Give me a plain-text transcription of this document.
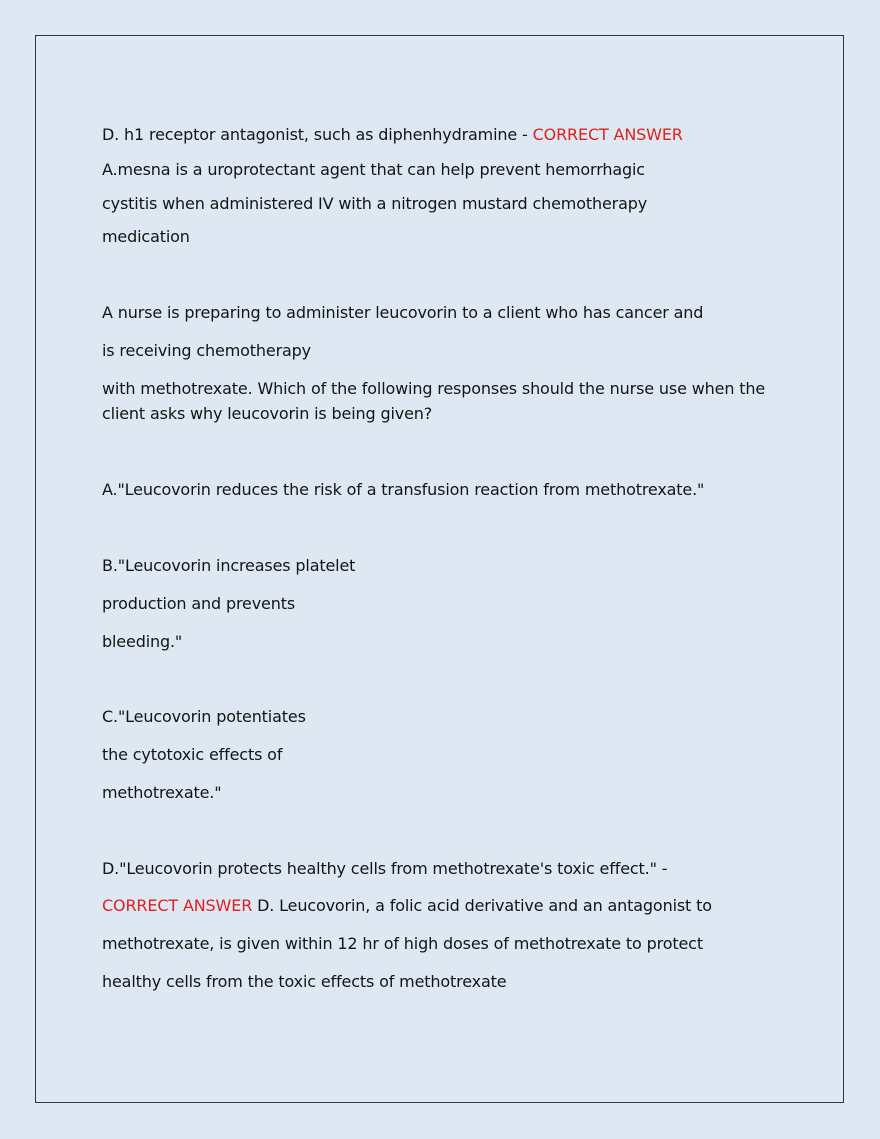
D. h1 receptor antagonist, such as diphenhydramine - CORRECT ANSWER
A.mesna is a uroprotectant agent that can help prevent hemorrhagic
cystitis when administered IV with a nitrogen mustard chemotherapy
medication
A nurse is preparing to administer leucovorin to a client who has cancer and
is receiving chemotherapy
with methotrexate. Which of the following responses should the nurse use when the
client asks why leucovorin is being given?
A."Leucovorin reduces the risk of a transfusion reaction from methotrexate."
B."Leucovorin increases platelet
production and prevents
bleeding."
C."Leucovorin potentiates
the cytotoxic effects of
methotrexate."
D."Leucovorin protects healthy cells from methotrexate's toxic effect." -
CORRECT ANSWER D. Leucovorin, a folic acid derivative and an antagonist to
methotrexate, is given within 12 hr of high doses of methotrexate to protect
healthy cells from the toxic effects of methotrexate
